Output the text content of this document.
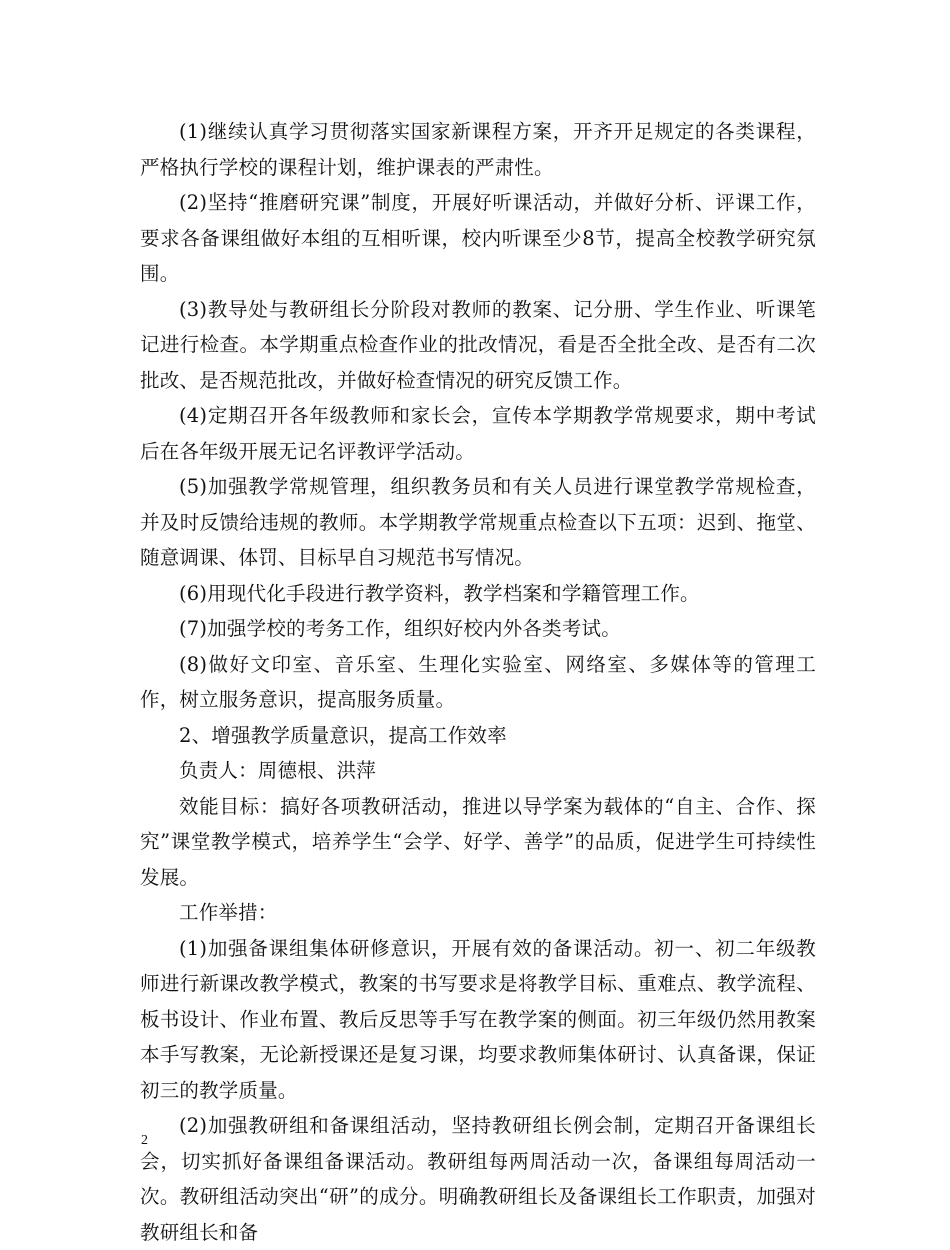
(1)继续认真学习贯彻落实国家新课程方案，开齐开足规定的各类课程，严格执行学校的课程计划，维护课表的严肃性。

(2)坚持“推磨研究课”制度，开展好听课活动，并做好分析、评课工作，要求各备课组做好本组的互相听课，校内听课至少8节，提高全校教学研究氛围。

(3)教导处与教研组长分阶段对教师的教案、记分册、学生作业、听课笔记进行检查。本学期重点检查作业的批改情况，看是否全批全改、是否有二次批改、是否规范批改，并做好检查情况的研究反馈工作。

(4)定期召开各年级教师和家长会，宣传本学期教学常规要求，期中考试后在各年级开展无记名评教评学活动。

(5)加强教学常规管理，组织教务员和有关人员进行课堂教学常规检查，并及时反馈给违规的教师。本学期教学常规重点检查以下五项：迟到、拖堂、随意调课、体罚、目标早自习规范书写情况。

(6)用现代化手段进行教学资料，教学档案和学籍管理工作。

(7)加强学校的考务工作，组织好校内外各类考试。

(8)做好文印室、音乐室、生理化实验室、网络室、多媒体等的管理工作，树立服务意识，提高服务质量。

2、增强教学质量意识，提高工作效率

负责人：周德根、洪萍

效能目标：搞好各项教研活动，推进以导学案为载体的“自主、合作、探究”课堂教学模式，培养学生“会学、好学、善学”的品质，促进学生可持续性发展。

工作举措：

(1)加强备课组集体研修意识，开展有效的备课活动。初一、初二年级教师进行新课改教学模式，教案的书写要求是将教学目标、重难点、教学流程、板书设计、作业布置、教后反思等手写在教学案的侧面。初三年级仍然用教案本手写教案，无论新授课还是复习课，均要求教师集体研讨、认真备课，保证初三的教学质量。

(2)加强教研组和备课组活动，坚持教研组长例会制，定期召开备课组长会，切实抓好备课组备课活动。教研组每两周活动一次，备课组每周活动一次。教研组活动突出“研”的成分。明确教研组长及备课组长工作职责，加强对教研组长和备

2
